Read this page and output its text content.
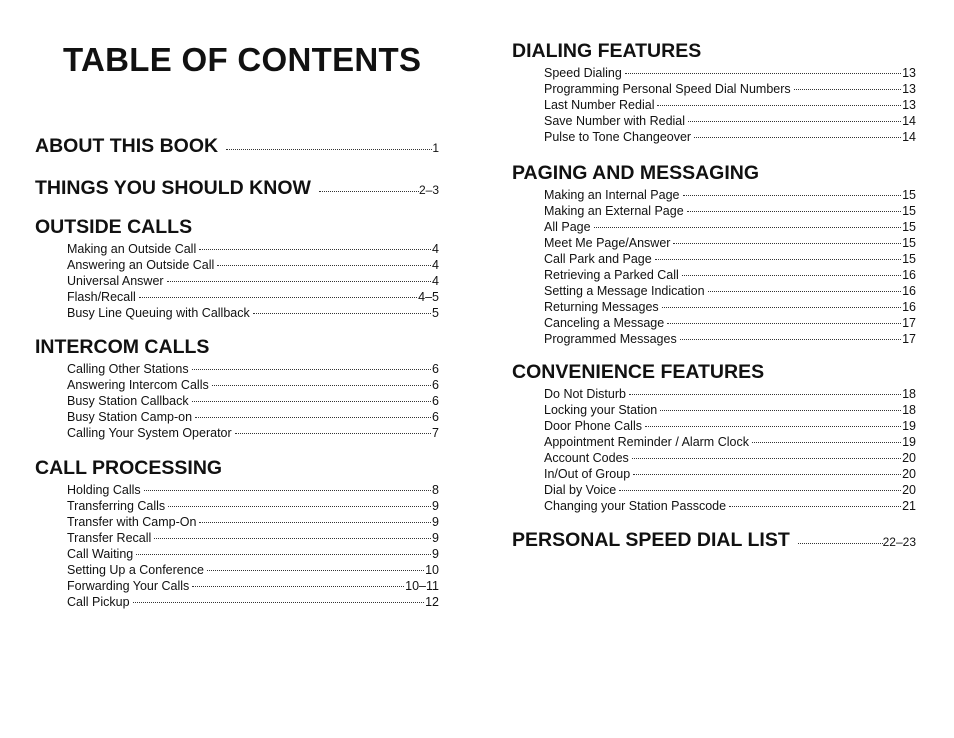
TABLE OF CONTENTS
ABOUT THIS BOOK	1
THINGS YOU SHOULD KNOW	2–3
OUTSIDE CALLS
Making an Outside Call	4
Answering an Outside Call	4
Universal Answer	4
Flash/Recall	4–5
Busy Line Queuing with Callback	5
INTERCOM CALLS
Calling Other Stations	6
Answering Intercom Calls	6
Busy Station Callback	6
Busy Station Camp-on	6
Calling Your System Operator	7
CALL PROCESSING
Holding Calls	8
Transferring Calls	9
Transfer with Camp-On	9
Transfer Recall	9
Call Waiting	9
Setting Up a Conference	10
Forwarding Your Calls	10–11
Call Pickup	12
DIALING FEATURES
Speed Dialing	13
Programming Personal Speed Dial Numbers	13
Last Number Redial	13
Save Number with Redial	14
Pulse to Tone Changeover	14
PAGING AND MESSAGING
Making an Internal Page	15
Making an External Page	15
All Page	15
Meet Me Page/Answer	15
Call Park and Page	15
Retrieving a Parked Call	16
Setting a Message Indication	16
Returning Messages	16
Canceling a Message	17
Programmed Messages	17
CONVENIENCE FEATURES
Do Not Disturb	18
Locking your Station	18
Door Phone Calls	19
Appointment Reminder / Alarm Clock	19
Account Codes	20
In/Out of Group	20
Dial by Voice	20
Changing your Station Passcode	21
PERSONAL SPEED DIAL LIST	22–23
